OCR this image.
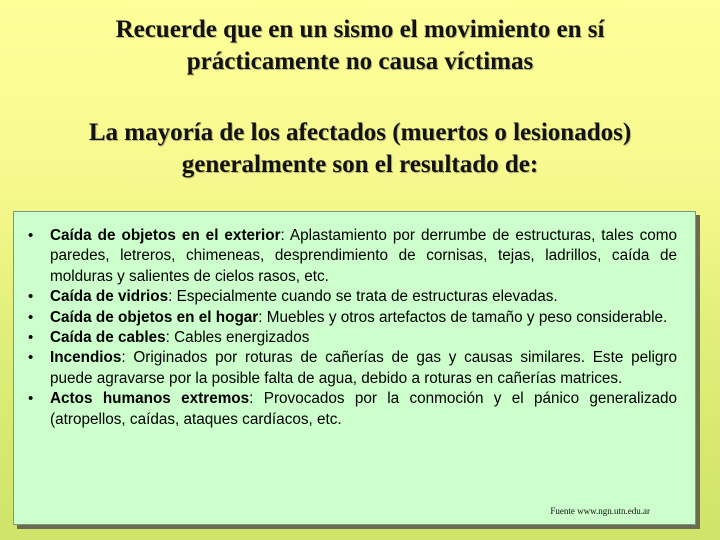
Recuerde que en un sismo el movimiento en sí
prácticamente no causa víctimas
La mayoría de los afectados (muertos o lesionados)
generalmente son el resultado de:
• Caída de objetos en el exterior: Aplastamiento por derrumbe de estructuras, tales como paredes, letreros, chimeneas, desprendimiento de cornisas, tejas, ladrillos, caída de molduras y salientes de cielos rasos, etc.
• Caída de vidrios: Especialmente cuando se trata de estructuras elevadas.
• Caída de objetos en el hogar: Muebles y otros artefactos de tamaño y peso considerable.
• Caída de cables: Cables energizados
• Incendios: Originados por roturas de cañerías de gas y causas similares. Este peligro puede agravarse por la posible falta de agua, debido a roturas en cañerías matrices.
• Actos humanos extremos: Provocados por la conmoción y el pánico generalizado (atropellos, caídas, ataques cardíacos, etc.
Fuente www.ngn.utn.edu.ar
